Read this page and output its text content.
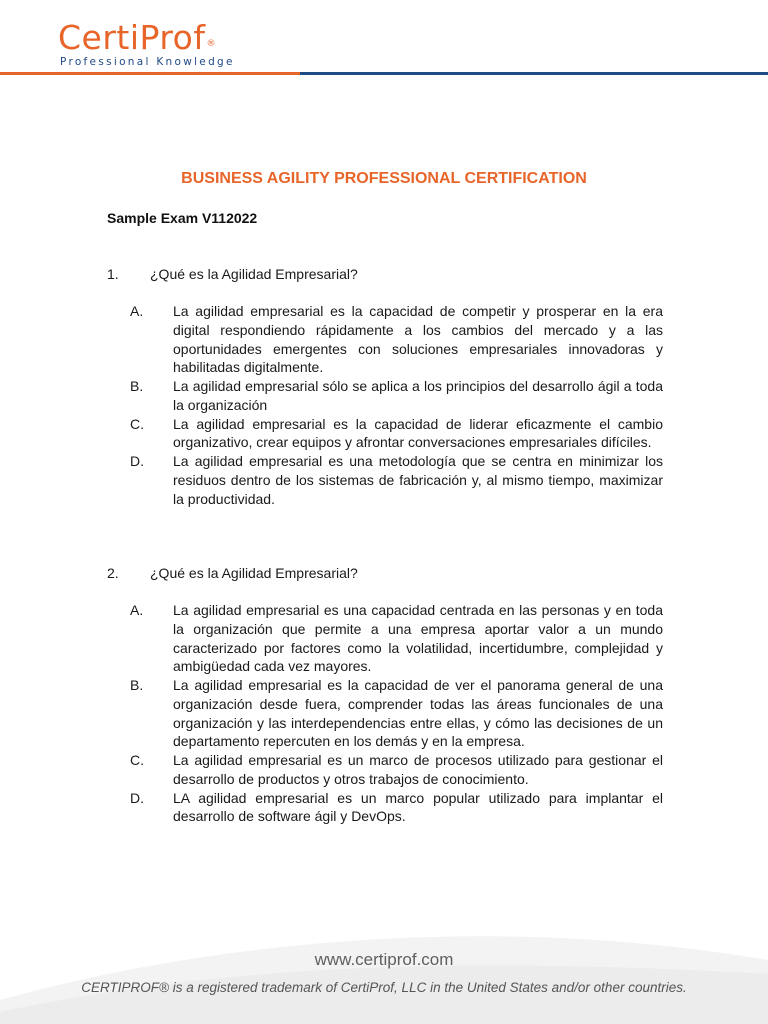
CertiProf®
Professional Knowledge
BUSINESS AGILITY PROFESSIONAL CERTIFICATION
Sample Exam V112022
1.	¿Qué es la Agilidad Empresarial?
A.	La agilidad empresarial es la capacidad de competir y prosperar en la era digital respondiendo rápidamente a los cambios del mercado y a las oportunidades emergentes con soluciones empresariales innovadoras y habilitadas digitalmente.
B.	La agilidad empresarial sólo se aplica a los principios del desarrollo ágil a toda la organización
C.	La agilidad empresarial es la capacidad de liderar eficazmente el cambio organizativo, crear equipos y afrontar conversaciones empresariales difíciles.
D.	La agilidad empresarial es una metodología que se centra en minimizar los residuos dentro de los sistemas de fabricación y, al mismo tiempo, maximizar la productividad.
2.	¿Qué es la Agilidad Empresarial?
A.	La agilidad empresarial es una capacidad centrada en las personas y en toda la organización que permite a una empresa aportar valor a un mundo caracterizado por factores como la volatilidad, incertidumbre, complejidad y ambigüedad cada vez mayores.
B.	La agilidad empresarial es la capacidad de ver el panorama general de una organización desde fuera, comprender todas las áreas funcionales de una organización y las interdependencias entre ellas, y cómo las decisiones de un departamento repercuten en los demás y en la empresa.
C.	La agilidad empresarial es un marco de procesos utilizado para gestionar el desarrollo de productos y otros trabajos de conocimiento.
D.	LA agilidad empresarial es un marco popular utilizado para implantar el desarrollo de software ágil y DevOps.
www.certiprof.com
CERTIPROF® is a registered trademark of CertiProf, LLC in the United States and/or other countries.
